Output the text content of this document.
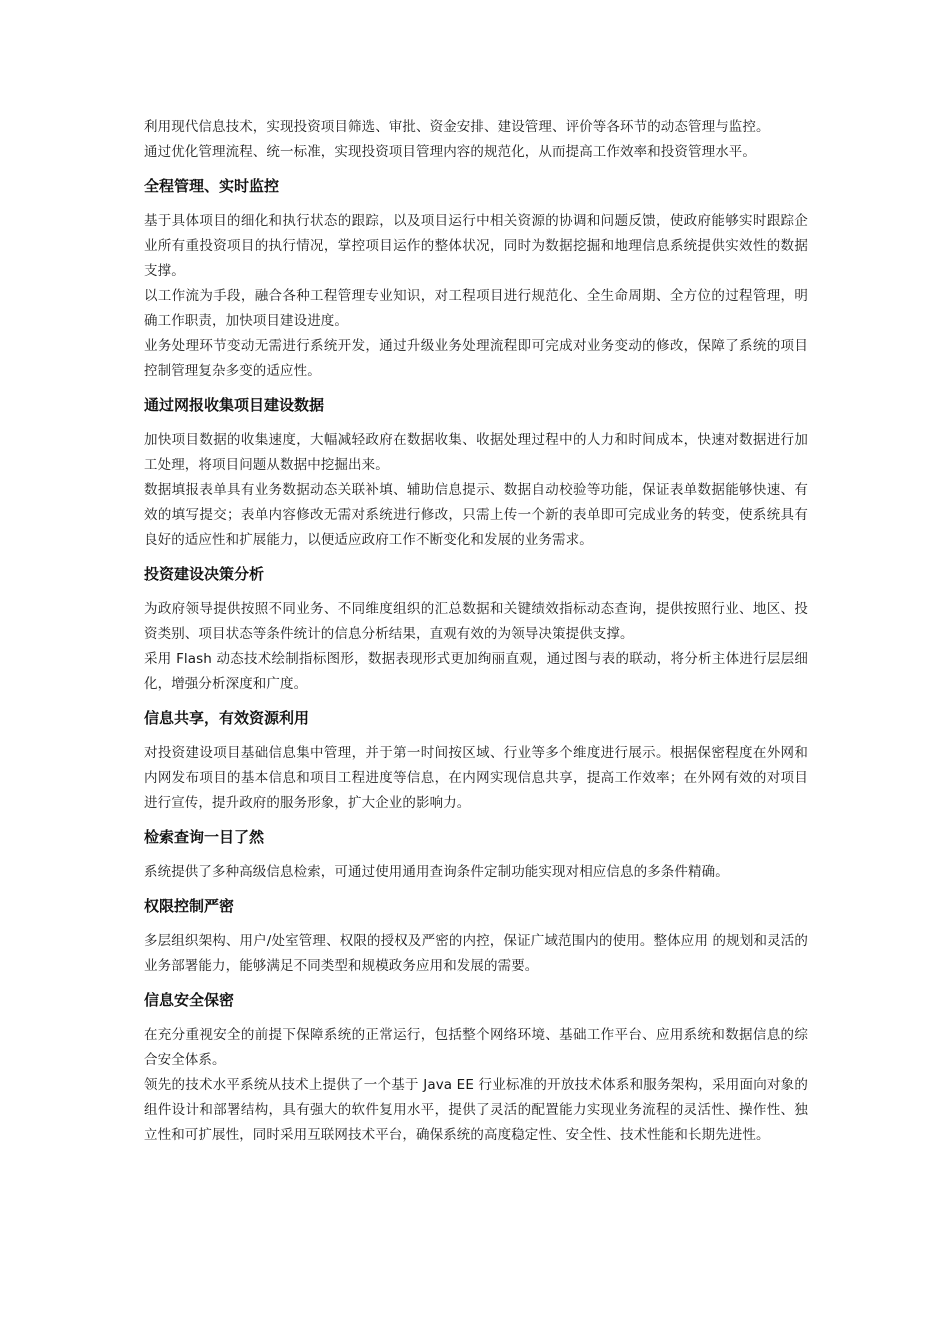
利用现代信息技术，实现投资项目筛选、审批、资金安排、建设管理、评价等各环节的动态管理与监控。

通过优化管理流程、统一标准，实现投资项目管理内容的规范化，从而提高工作效率和投资管理水平。

全程管理、实时监控

基于具体项目的细化和执行状态的跟踪，以及项目运行中相关资源的协调和问题反馈，使政府能够实时跟踪企业所有重投资项目的执行情况，掌控项目运作的整体状况，同时为数据挖掘和地理信息系统提供实效性的数据支撑。

以工作流为手段，融合各种工程管理专业知识，对工程项目进行规范化、全生命周期、全方位的过程管理，明确工作职责，加快项目建设进度。

业务处理环节变动无需进行系统开发，通过升级业务处理流程即可完成对业务变动的修改，保障了系统的项目控制管理复杂多变的适应性。

通过网报收集项目建设数据

加快项目数据的收集速度，大幅减轻政府在数据收集、收据处理过程中的人力和时间成本，快速对数据进行加工处理，将项目问题从数据中挖掘出来。

数据填报表单具有业务数据动态关联补填、辅助信息提示、数据自动校验等功能，保证表单数据能够快速、有效的填写提交；表单内容修改无需对系统进行修改，只需上传一个新的表单即可完成业务的转变，使系统具有良好的适应性和扩展能力，以便适应政府工作不断变化和发展的业务需求。

投资建设决策分析

为政府领导提供按照不同业务、不同维度组织的汇总数据和关键绩效指标动态查询，提供按照行业、地区、投资类别、项目状态等条件统计的信息分析结果，直观有效的为领导决策提供支撑。

采用 Flash 动态技术绘制指标图形，数据表现形式更加绚丽直观，通过图与表的联动，将分析主体进行层层细化，增强分析深度和广度。

信息共享，有效资源利用

对投资建设项目基础信息集中管理，并于第一时间按区域、行业等多个维度进行展示。根据保密程度在外网和内网发布项目的基本信息和项目工程进度等信息，在内网实现信息共享，提高工作效率；在外网有效的对项目进行宣传，提升政府的服务形象，扩大企业的影响力。

检索查询一目了然

系统提供了多种高级信息检索，可通过使用通用查询条件定制功能实现对相应信息的多条件精确。

权限控制严密

多层组织架构、用户/处室管理、权限的授权及严密的内控，保证广域范围内的使用。整体应用 的规划和灵活的业务部署能力，能够满足不同类型和规模政务应用和发展的需要。

信息安全保密

在充分重视安全的前提下保障系统的正常运行，包括整个网络环境、基础工作平台、应用系统和数据信息的综合安全体系。

领先的技术水平系统从技术上提供了一个基于 Java EE 行业标准的开放技术体系和服务架构，采用面向对象的组件设计和部署结构，具有强大的软件复用水平，提供了灵活的配置能力实现业务流程的灵活性、操作性、独立性和可扩展性，同时采用互联网技术平台，确保系统的高度稳定性、安全性、技术性能和长期先进性。
